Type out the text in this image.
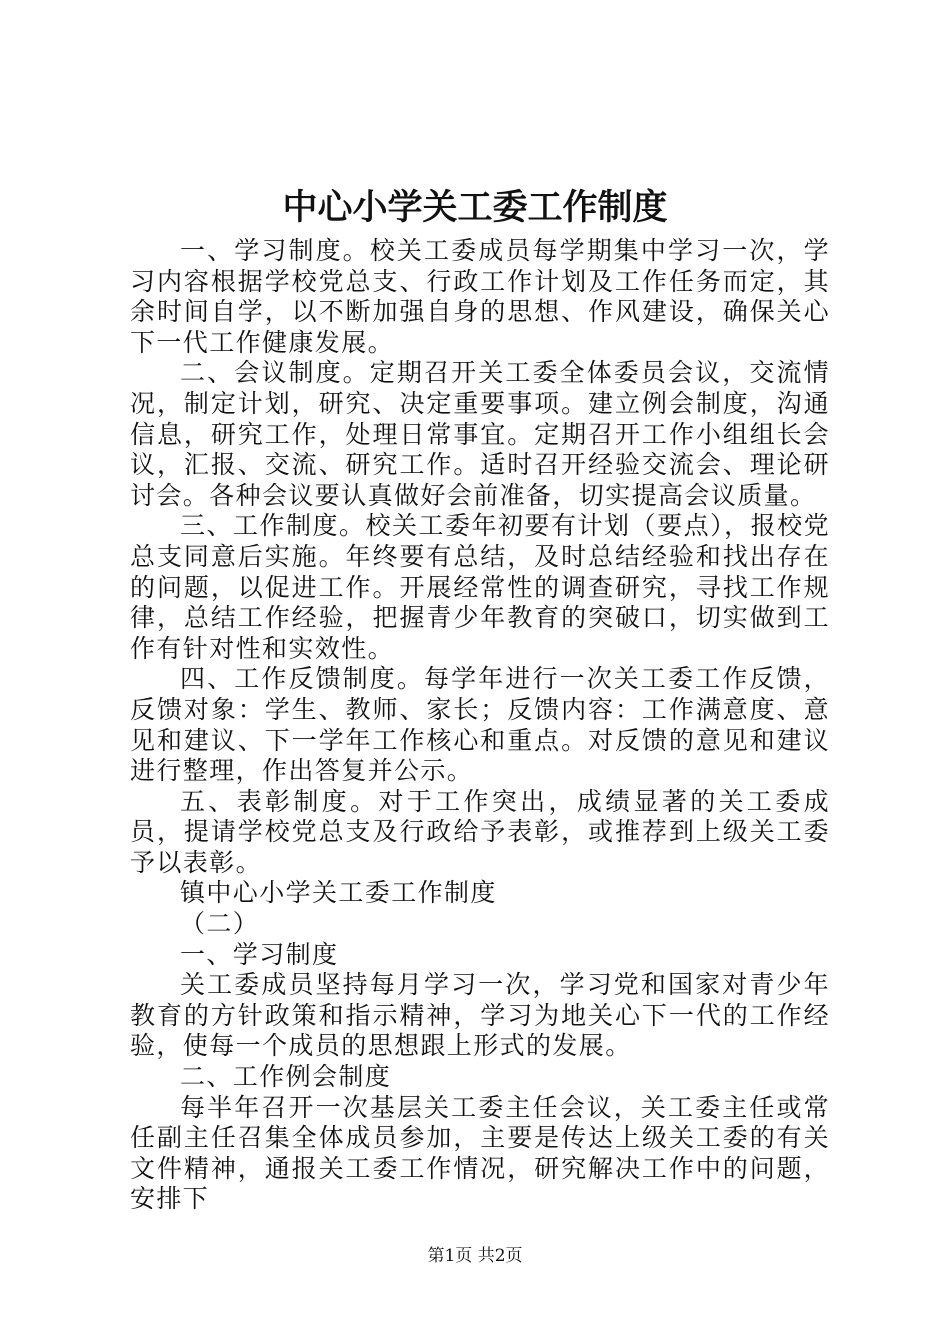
中心小学关工委工作制度

一、学习制度。校关工委成员每学期集中学习一次，学习内容根据学校党总支、行政工作计划及工作任务而定，其余时间自学，以不断加强自身的思想、作风建设，确保关心下一代工作健康发展。

二、会议制度。定期召开关工委全体委员会议，交流情况，制定计划，研究、决定重要事项。建立例会制度，沟通信息，研究工作，处理日常事宜。定期召开工作小组组长会议，汇报、交流、研究工作。适时召开经验交流会、理论研讨会。各种会议要认真做好会前准备，切实提高会议质量。

三、工作制度。校关工委年初要有计划（要点），报校党总支同意后实施。年终要有总结，及时总结经验和找出存在的问题，以促进工作。开展经常性的调查研究，寻找工作规律，总结工作经验，把握青少年教育的突破口，切实做到工作有针对性和实效性。

四、工作反馈制度。每学年进行一次关工委工作反馈，反馈对象：学生、教师、家长；反馈内容：工作满意度、意见和建议、下一学年工作核心和重点。对反馈的意见和建议进行整理，作出答复并公示。

五、表彰制度。对于工作突出，成绩显著的关工委成员，提请学校党总支及行政给予表彰，或推荐到上级关工委予以表彰。

镇中心小学关工委工作制度

（二）

一、学习制度

关工委成员坚持每月学习一次，学习党和国家对青少年教育的方针政策和指示精神，学习为地关心下一代的工作经验，使每一个成员的思想跟上形式的发展。

二、工作例会制度

每半年召开一次基层关工委主任会议，关工委主任或常任副主任召集全体成员参加，主要是传达上级关工委的有关文件精神，通报关工委工作情况，研究解决工作中的问题，安排下

第1页 共2页
